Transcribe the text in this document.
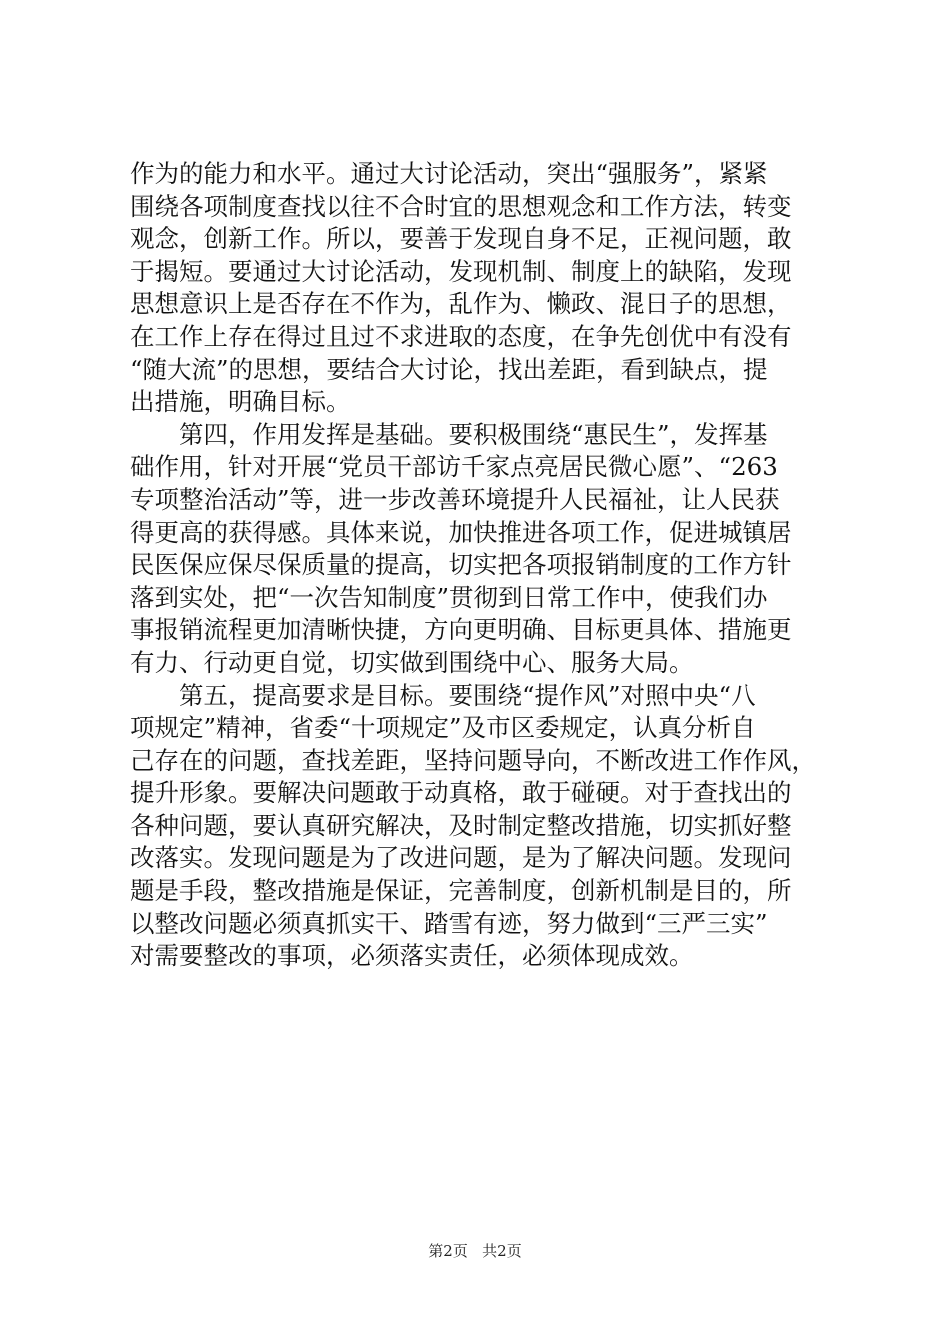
作为的能力和水平。通过大讨论活动，突出“强服务”，紧紧
围绕各项制度查找以往不合时宜的思想观念和工作方法，转变
观念，创新工作。所以，要善于发现自身不足，正视问题，敢
于揭短。要通过大讨论活动，发现机制、制度上的缺陷，发现
思想意识上是否存在不作为，乱作为、懒政、混日子的思想，
在工作上存在得过且过不求进取的态度，在争先创优中有没有
“随大流”的思想，要结合大讨论，找出差距，看到缺点，提
出措施，明确目标。
　　第四，作用发挥是基础。要积极围绕“惠民生”，发挥基
础作用，针对开展“党员干部访千家点亮居民微心愿”、“263
专项整治活动”等，进一步改善环境提升人民福祉，让人民获
得更高的获得感。具体来说，加快推进各项工作，促进城镇居
民医保应保尽保质量的提高，切实把各项报销制度的工作方针
落到实处，把“一次告知制度”贯彻到日常工作中，使我们办
事报销流程更加清晰快捷，方向更明确、目标更具体、措施更
有力、行动更自觉，切实做到围绕中心、服务大局。
　　第五，提高要求是目标。要围绕“提作风”对照中央“八
项规定”精神，省委“十项规定”及市区委规定，认真分析自
己存在的问题，查找差距，坚持问题导向，不断改进工作作风，
提升形象。要解决问题敢于动真格，敢于碰硬。对于查找出的
各种问题，要认真研究解决，及时制定整改措施，切实抓好整
改落实。发现问题是为了改进问题，是为了解决问题。发现问
题是手段，整改措施是保证，完善制度，创新机制是目的，所
以整改问题必须真抓实干、踏雪有迹，努力做到“三严三实”
对需要整改的事项，必须落实责任，必须体现成效。
第2页 共2页
